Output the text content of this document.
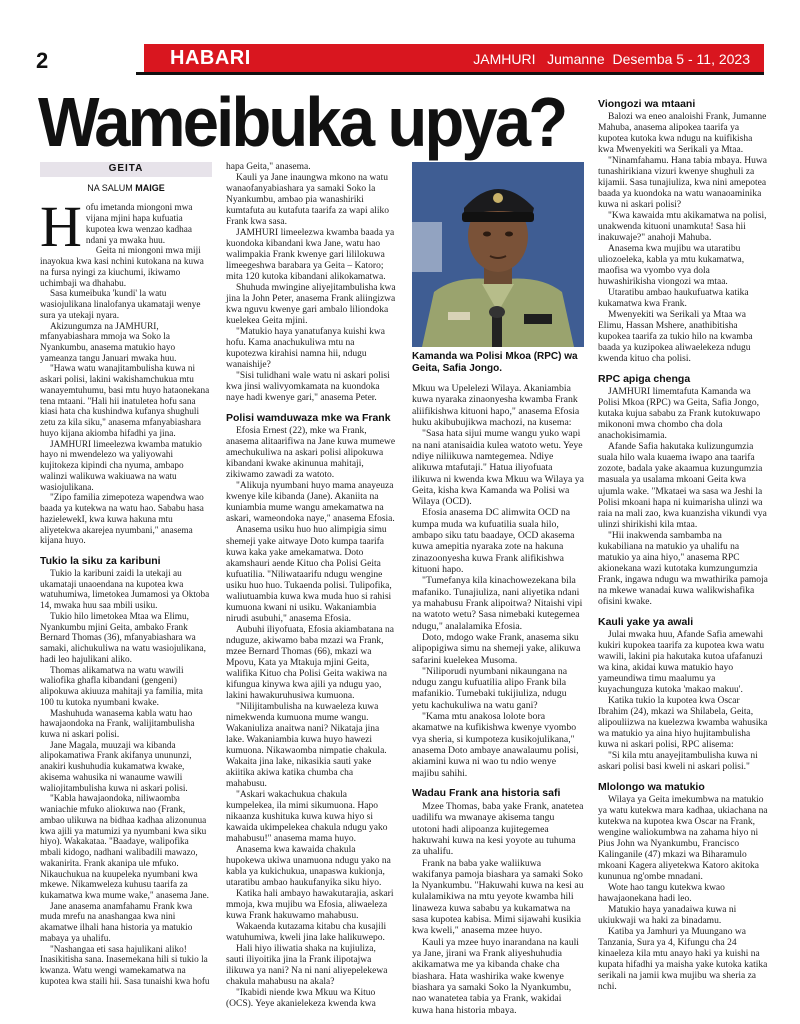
2	HABARI	JAMHURI   Jumanne  Desemba 5 - 11, 2023
Wameibuka upya?
GEITA
NA SALUM MAIGE

Hofu imetanda miongoni mwa vijana mjini hapa kufuatia kupotea kwa wenzao kadhaa ndani ya mwaka huu.

Geita ni miongoni mwa miji inayokua kwa kasi nchini kutokana na kuwa na fursa nyingi za kiuchumi, ikiwamo uchimbaji wa dhahabu.

Sasa kumeibuka 'kundi' la watu wasiojulikana linalofanya ukamataji wenye sura ya utekaji nyara.

Akizungumza na JAMHURI, mfanyabiashara mmoja wa Soko la Nyankumbu, anasema matukio hayo yameanza tangu Januari mwaka huu.

"Hawa watu wanajitambulisha kuwa ni askari polisi, lakini wakishamchukua mtu wanayemtuhumu, basi mtu huyo hataonekana tena mtaani. "Hali hii inatuletea hofu sana kiasi hata cha kushindwa kufanya shughuli zetu za kila siku," anasema mfanyabiashara huyo kijana akiomba hifadhi ya jina.

JAMHURI limeelezwa kwamba matukio hayo ni mwendelezo wa yaliyowahi kujitokeza kipindi cha nyuma, ambapo walinzi walikuwa wakiuawa na watu wasiojulikana.

"Zipo familia zimepoteza wapendwa wao baada ya kutekwa na watu hao. Sababu hasa hazielewekI, kwa kuwa hakuna mtu aliyetekwa akarejea nyumbani," anasema kijana huyo.

Tukio la siku za karibuni

Tukio la karibuni zaidi la utekaji au ukamataji unaoendana na kupotea kwa watuhumiwa, limetokea Jumamosi ya Oktoba 14, mwaka huu saa mbili usiku.

Tukio hilo limetokea Mtaa wa Elimu, Nyankumbu mjini Geita, ambako Frank Bernard Thomas (36), mfanyabiashara wa samaki, alichukuliwa na watu wasiojulikana, hadi leo hajulikani aliko.

Thomas alikamatwa na watu wawili waliofika ghafla kibandani (gengeni) alipokuwa akiuuza mahitaji ya familia, mita 100 tu kutoka nyumbani kwake.

Mashuhuda wanasema kabla watu hao hawajaondoka na Frank, walijitambulisha kuwa ni askari polisi.

Jane Magala, muuzaji wa kibanda alipokamatiwa Frank akifanya unununzi, anakiri kushuhudia kukamatwa kwake, akisema wahusika ni wanaume wawili waliojitambulisha kuwa ni askari polisi.

"Kabla hawajaondoka, niliwaomba waniachie mfuko aliokuwa nao (Frank, ambao ulikuwa na bidhaa kadhaa alizonunua kwa ajili ya matumizi ya nyumbani kwa siku hiyo). Wakakataa. "Baadaye, walipofika mbali kidogo, nadhani walibadili mawazo, wakanirita. Frank akanipa ule mfuko. Nikauchukua na kuupeleka nyumbani kwa mkewe. Nikamweleza kuhusu taarifa za kukamatwa kwa mume wake," anasema Jane.

Jane anasema anamfahamu Frank kwa muda mrefu na anashangaa kwa nini akamatwe ilhali hana historia ya matukio mabaya ya uhalifu.

"Nashangaa eti sasa hajulikani aliko! Inasikitisha sana. Inasemekana hili si tukio la kwanza. Watu wengi wamekamatwa na kupotea kwa staili hii. Sasa tunaishi kwa hofu

hapa Geita," anasema.

Kauli ya Jane inaungwa mkono na watu wanaofanyabiashara ya samaki Soko la Nyankumbu, ambao pia wanashiriki kumtafuta au kutafuta taarifa za wapi aliko Frank kwa sasa.

JAMHURI limeelezwa kwamba baada ya kuondoka kibandani kwa Jane, watu hao walimpakia Frank kwenye gari lililokuwa limeegeshwa barabara ya Geita – Katoro; mita 120 kutoka kibandani alikokamatwa.

Shuhuda mwingine aliyejitambulisha kwa jina la John Peter, anasema Frank aliingizwa kwa nguvu kwenye gari ambalo liliondoka kuelekea Geita mjini.

"Matukio haya yanatufanya kuishi kwa hofu. Kama anachukuliwa mtu na kupotezwa kirahisi namna hii, ndugu wanaishije?

"Sisi tulidhani wale watu ni askari polisi kwa jinsi walivyomkamata na kuondoka naye hadi kwenye gari," anasema Peter.

Polisi wamduwaza mke wa Frank

Efosia Ernest (22), mke wa Frank, anasema alitaarifiwa na Jane kuwa mumewe amechukuliwa na askari polisi alipokuwa kibandani kwake akinunua mahitaji, zikiwamo zawadi za watoto.

"Alikuja nyumbani huyo mama anayeuza kwenye kile kibanda (Jane). Akaniita na kuniambia mume wangu amekamatwa na askari, wameondoka naye," anasema Efosia.

Anasema usiku huo huo alimpigia simu shemeji yake aitwaye Doto kumpa taarifa kuwa kaka yake amekamatwa. Doto akamshauri aende Kituo cha Polisi Geita kufuatilia. "Niliwataarifu ndugu wengine usiku huo huo. Tukaenda polisi. Tulipofika, waliutuambia kuwa kwa muda huo si rahisi kumuona kwani ni usiku. Wakaniambia nirudi asubuhi," anasema Efosia.

Aubuhi iliyofuata, Efosia akiambatana na nduguze, akiwamo baba mzazi wa Frank, mzee Bernard Thomas (66), mkazi wa Mpovu, Kata ya Mtakuja mjini Geita, walifika Kituo cha Polisi Geita wakiwa na kifungua kinywa kwa ajili ya ndugu yao, lakini hawakuruhusiwa kumuona.

"Nilijitambulisha na kuwaeleza kuwa nimekwenda kumuona mume wangu. Wakaniuliza anaitwa nani? Nikataja jina lake. Wakaniambia kuwa huyo hawezi kumuona. Nikawaomba nimpatie chakula. Wakaita jina lake, nikasikia sauti yake akiitika akiwa katika chumba cha mahabusu.

"Askari wakachukua chakula kumpelekea, ila mimi sikumuona. Hapo nikaanza kushituka kuwa kuwa hiyo si kawaida ukimpelekea chakula ndugu yako mahabusu!" anasema mama huyo.

Anasema kwa kawaida chakula hupokewa ukiwa unamuona ndugu yako na kabla ya kukichukua, unapaswa kukionja, utaratibu ambao haukufanyika siku hiyo.

Katika hali ambayo hawakutarajia, askari mmoja, kwa mujibu wa Efosia, aliwaeleza kuwa Frank hakuwamo mahabusu.

Wakaenda kutazama kitabu cha kusajili watuhumiwa, kweli jina lake halikuwepo.

Hali hiyo iliwatia shaka na kujiuliza, sauti iliyoitika jina la Frank ilipotajwa ilikuwa ya nani? Na ni nani aliyepelekewa chakula mahabusu na akala?

"Ikabidi niende kwa Mkuu wa Kituo (OCS). Yeye akanielekeza kwenda kwa

Kamanda wa Polisi Mkoa (RPC) wa Geita, Safia Jongo.

Mkuu wa Upelelezi Wilaya. Akaniambia kuwa nyaraka zinaonyesha kwamba Frank aliifikishwa kituoni hapo," anasema Efosia huku akibubujikwa machozi, na kusema:

"Sasa hata sijui mume wangu yuko wapi na nani atanisaidia kulea watoto wetu. Yeye ndiye niliikuwa namtegemea. Ndiye alikuwa mtafutaji." Hatua iliyofuata ilikuwa ni kwenda kwa Mkuu wa Wilaya ya Geita, kisha kwa Kamanda wa Polisi wa Wilaya (OCD).

Efosia anasema DC alimwita OCD na kumpa muda wa kufuatilia suala hilo, ambapo siku tatu baadaye, OCD akasema kuwa amepitia nyaraka zote na hakuna zinazoonyesha kuwa Frank alifikishwa kituoni hapo.

"Tumefanya kila kinachowezekana bila mafaniko. Tunajiuliza, nani aliyetika ndani ya mahabusu Frank alipoitwa? Nitaishi vipi na watoto wetu? Sasa nimebaki kutegemea ndugu," analalamika Efosia.

Doto, mdogo wake Frank, anasema siku alipopigiwa simu na shemeji yake, alikuwa safarini kuelekea Musoma.

"Niliporudi nyumbani nikaungana na ndugu zangu kufuatilia alipo Frank bila mafanikio. Tumebaki tukijiuliza, ndugu yetu kachukuliwa na watu gani?

"Kama mtu anakosa lolote bora akamatwe na kufikishwa kwenye vyombo vya sheria, si kumpoteza kusikojulikana," anasema Doto ambaye anawalaumu polisi, akiamini kuwa ni wao tu ndio wenye majibu sahihi.

Wadau Frank ana historia safi

Mzee Thomas, baba yake Frank, anatetea uadilifu wa mwanaye akisema tangu utotoni hadi alipoanza kujitegemea hakuwahi kuwa na kesi yoyote au tuhuma za uhalifu.

Frank na baba yake waliikuwa wakifanya pamoja biashara ya samaki Soko la Nyankumbu. "Hakuwahi kuwa na kesi au kulalamikiwa na mtu yeyote kwamba hili linaweza kuwa sababu ya kukamatwa na sasa kupotea kabisa. Mimi sijawahi kusikia kwa kweli," anasema mzee huyo.

Kauli ya mzee huyo inarandana na kauli ya Jane, jirani wa Frank aliyeshuhudia akikamatwa me ya kibanda chake cha biashara. Hata washirika wake kwenye biashara ya samaki Soko la Nyankumbu, nao wanatetea tabia ya Frank, wakidai kuwa hana historia mbaya.

Viongozi wa mtaani

Balozi wa eneo analoishi Frank, Jumanne Mahuba, anasema alipokea taarifa ya kupotea kutoka kwa ndugu na kuifikisha kwa Mwenyekiti wa Serikali ya Mtaa.

"Ninamfahamu. Hana tabia mbaya. Huwa tunashirikiana vizuri kwenye shughuli za kijamii. Sasa tunajiuliza, kwa nini amepotea baada ya kuondoka na watu wanaoaminika kuwa ni askari polisi?

"Kwa kawaida mtu akikamatwa na polisi, unakwenda kituoni unamkuta! Sasa hii inakuwaje?" anahoji Mahuba.

Anasema kwa mujibu wa utaratibu uliozoeleka, kabla ya mtu kukamatwa, maofisa wa vyombo vya dola huwashirikisha viongozi wa mtaa.

Utaratibu ambao haukufuatwa katika kukamatwa kwa Frank.

Mwenyekiti wa Serikali ya Mtaa wa Elimu, Hassan Mshere, anathibitisha kupokea taarifa za tukio hilo na kwamba baada ya kuzipokea aliwaelekeza ndugu kwenda kituo cha polisi.

RPC apiga chenga

JAMHURI limemtafuta Kamanda wa Polisi Mkoa (RPC) wa Geita, Safia Jongo, kutaka kujua sababu za Frank kutokuwapo mikononi mwa chombo cha dola anachokisimamia.

Afande Safia hakutaka kulizungumzia suala hilo wala kuaema iwapo ana taarifa zozote, badala yake akaamua kuzungumzia masuala ya usalama mkoani Geita kwa ujumla wake. "Mkataei wa sasa wa Jeshi la Polisi mkoani hapa ni kuimarisha ulinzi wa raia na mali zao, kwa kuanzisha vikundi vya ulinzi shirikishi kila mtaa.

"Hii inakwenda sambamba na kukabiliana na matukio ya uhalifu na matukio ya aina hiyo," anasema RPC akionekana wazi kutotaka kumzungumzia Frank, ingawa ndugu wa mwathirika pamoja na mkewe wanadai kuwa walikwishafika ofisini kwake.

Kauli yake ya awali

Julai mwaka huu, Afande Safia amewahi kukiri kupokea taarifa za kupotea kwa watu wawili, lakini pia hakutaka kutoa ufafanuzi wa kina, akidai kuwa matukio hayo yameundiwa timu maalumu ya kuyachunguza kutoka 'makao makuu'.

Katika tukio la kupotea kwa Oscar Ibrahim (24), mkazi wa Shilabela, Geita, alipouliizwa na kuelezwa kwamba wahusika wa matukio ya aina hiyo hujitambulisha kuwa ni askari polisi, RPC alisema:

"Si kila mtu anayejitambulisha kuwa ni askari polisi basi kweli ni askari polisi."

Mlolongo wa matukio

Wilaya ya Geita imekumbwa na matukio ya watu kutekwa mara kadhaa, ukiachana na kutekwa na kupotea kwa Oscar na Frank, wengine waliokumbwa na zahama hiyo ni Pius John wa Nyankumbu, Francisco Kalinganile (47) mkazi wa Biharamulo mkoani Kagera aliyetekwa Katoro akitoka kununua ng'ombe mnadani.

Wote hao tangu kutekwa kwao hawajaonekana hadi leo.

Matukio haya yanadaiwa kuwa ni ukiukwaji wa haki za binadamu.

Katiba ya Jamhuri ya Muungano wa Tanzania, Sura ya 4, Kifungu cha 24 kinaeleza kila mtu anayo haki ya kuishi na kupata hifadhi ya maisha yake kutoka katika serikali na jamii kwa mujibu wa sheria za nchi.
